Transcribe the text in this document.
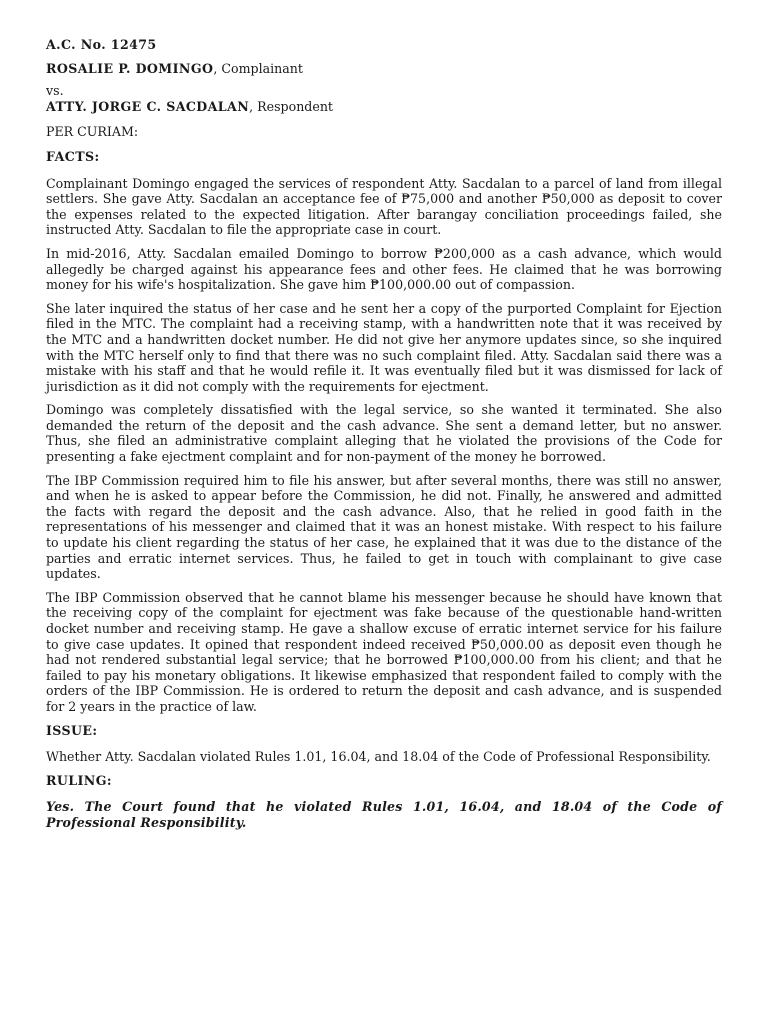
A.C. No. 12475

ROSALIE P. DOMINGO, Complainant

vs.

ATTY. JORGE C. SACDALAN, Respondent

PER CURIAM:

FACTS:

Complainant Domingo engaged the services of respondent Atty. Sacdalan to a parcel of land from illegal settlers. She gave Atty. Sacdalan an acceptance fee of ₱75,000 and another ₱50,000 as deposit to cover the expenses related to the expected litigation. After barangay conciliation proceedings failed, she instructed Atty. Sacdalan to file the appropriate case in court.

In mid-2016, Atty. Sacdalan emailed Domingo to borrow ₱200,000 as a cash advance, which would allegedly be charged against his appearance fees and other fees. He claimed that he was borrowing money for his wife's hospitalization. She gave him ₱100,000.00 out of compassion.

She later inquired the status of her case and he sent her a copy of the purported Complaint for Ejection filed in the MTC. The complaint had a receiving stamp, with a handwritten note that it was received by the MTC and a handwritten docket number. He did not give her anymore updates since, so she inquired with the MTC herself only to find that there was no such complaint filed. Atty. Sacdalan said there was a mistake with his staff and that he would refile it. It was eventually filed but it was dismissed for lack of jurisdiction as it did not comply with the requirements for ejectment.

Domingo was completely dissatisfied with the legal service, so she wanted it terminated. She also demanded the return of the deposit and the cash advance. She sent a demand letter, but no answer. Thus, she filed an administrative complaint alleging that he violated the provisions of the Code for presenting a fake ejectment complaint and for non-payment of the money he borrowed.

The IBP Commission required him to file his answer, but after several months, there was still no answer, and when he is asked to appear before the Commission, he did not. Finally, he answered and admitted the facts with regard the deposit and the cash advance. Also, that he relied in good faith in the representations of his messenger and claimed that it was an honest mistake. With respect to his failure to update his client regarding the status of her case, he explained that it was due to the distance of the parties and erratic internet services. Thus, he failed to get in touch with complainant to give case updates.

The IBP Commission observed that he cannot blame his messenger because he should have known that the receiving copy of the complaint for ejectment was fake because of the questionable hand-written docket number and receiving stamp. He gave a shallow excuse of erratic internet service for his failure to give case updates. It opined that respondent indeed received ₱50,000.00 as deposit even though he had not rendered substantial legal service; that he borrowed ₱100,000.00 from his client; and that he failed to pay his monetary obligations. It likewise emphasized that respondent failed to comply with the orders of the IBP Commission. He is ordered to return the deposit and cash advance, and is suspended for 2 years in the practice of law.

ISSUE:

Whether Atty. Sacdalan violated Rules 1.01, 16.04, and 18.04 of the Code of Professional Responsibility.

RULING:

Yes. The Court found that he violated Rules 1.01, 16.04, and 18.04 of the Code of Professional Responsibility.
